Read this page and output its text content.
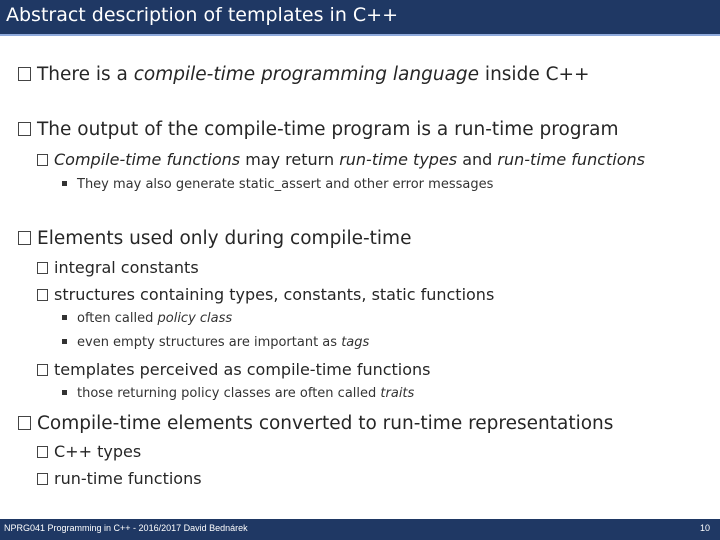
Abstract description of templates in C++
There is a compile-time programming language inside C++
The output of the compile-time program is a run-time program
Compile-time functions may return run-time types and run-time functions
They may also generate static_assert and other error messages
Elements used only during compile-time
integral constants
structures containing types, constants, static functions
often called policy class
even empty structures are important as tags
templates perceived as compile-time functions
those returning policy classes are often called traits
Compile-time elements converted to run-time representations
C++ types
run-time functions
NPRG041 Programming in C++ - 2016/2017 David Bednárek	10
